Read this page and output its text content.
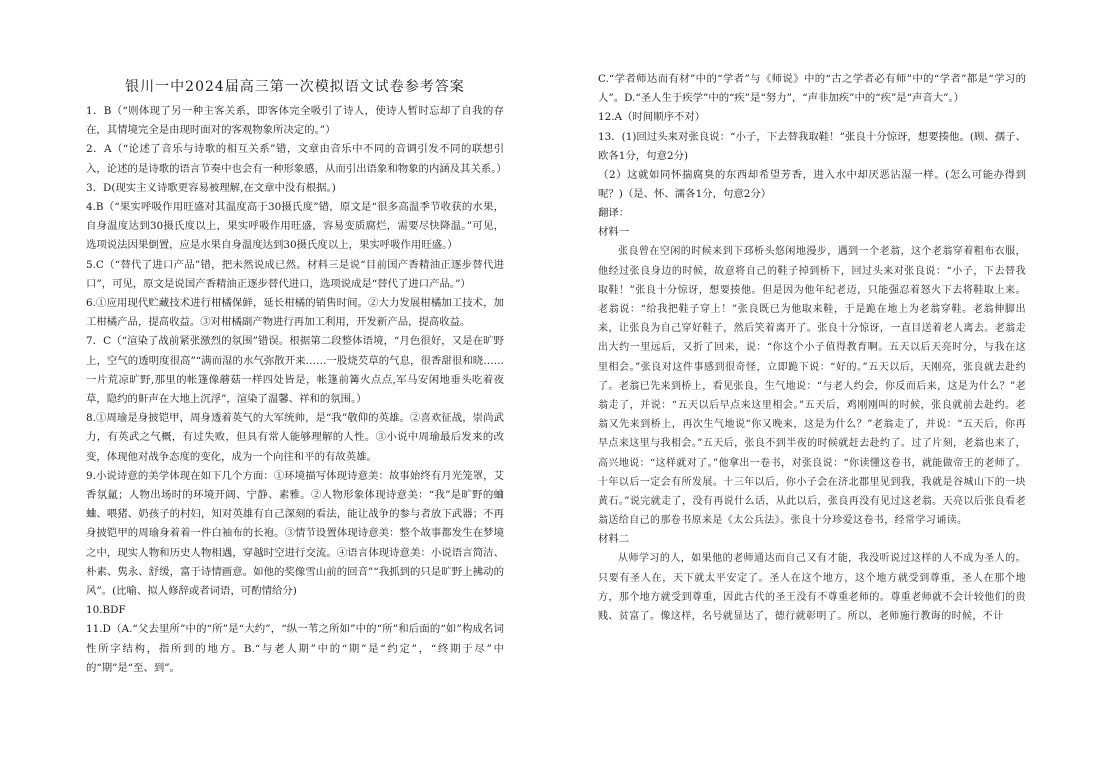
银川一中2024届高三第一次模拟语文试卷参考答案

1．B（“则体现了另一种主客关系，即客体完全吸引了诗人，使诗人暂时忘却了自我的存在，其情境完全是由现时面对的客观物象所决定的。”）

2．A（“论述了音乐与诗歌的相互关系”错，文章由音乐中不同的音调引发不同的联想引入，论述的是诗歌的语言节奏中也会有一种形象感，从而引出语象和物象的内涵及其关系。）

3．D(现实主义诗歌更容易被理解,在文章中没有根据。)

4.B（“果实呼吸作用旺盛对其温度高于30摄氏度”错，原文是“很多高温季节收获的水果，自身温度达到30摄氏度以上，果实呼吸作用旺盛，容易变质腐烂，需要尽快降温。”可见，选项说法因果倒置，应是水果自身温度达到30摄氏度以上，果实呼吸作用旺盛。）

5.C（“替代了进口产品”错，把未然说成已然。材料三是说“目前国产香精油正逐步替代进口”，可见，原文是说国产香精油正逐步替代进口，选项说成是“替代了进口产品。”）

6.①应用现代贮藏技术进行柑橘保鲜，延长柑橘的销售时间。②大力发展柑橘加工技术，加工柑橘产品，提高收益。③对柑橘副产物进行再加工利用，开发新产品，提高收益。

7．C（“渲染了战前紧张激烈的氛围”错误。根据第二段整体语境，“月色很好，又是在旷野上，空气的透明度很高”“满而湿的水气弥散开来……一股烧芡草的气息，很香甜很和晓……一片荒凉旷野,那里的帐篷像蘑菇一样四处皆是，帐篷前篝火点点,军马安闲地垂头吃着夜草，隐约的鼾声在大地上沉浮”，渲染了温馨、祥和的氛围。）

8.①周瑜是身披铠甲，周身透着英气的大军统帅，是“我”敬仰的英雄。②喜欢征战，崇尚武力，有英武之气概，有过失败，但具有常人能够理解的人性。③小说中周瑜最后发来的改变，体现他对战争态度的变化，成为一个向往和平的有故英雄。

9.小说诗意的美学体现在如下几个方面：①环境描写体现诗意美：故事始终有月光笼罩，艾香氛氲；人物出场时的环境开阔、宁静、素雅。②人物形象体现诗意美：“我”是旷野的蛐蛐、喂猪、奶孩子的村妇，知对英雄有自己深刻的看法，能让战争的参与者放下武器；不再身披铠甲的周瑜身着着一件白袖布的长袍。③情节设置体现诗意美：整个故事都发生在梦境之中，现实人物和历史人物相遇，穿越时空进行交流。④语言体现诗意美：小说语言简洁、朴素、隽永、舒缓，富于诗情画意。如他的奖像雪山前的回音”“我抓到的只是旷野上拂动的风”。(比喻、拟人修辞或者词语，可酌情给分)

10.BDF

11.D（A.“父去里所”中的“所”是“大约”，“纵一苇之所如”中的“所”和后面的“如”构成名词性所字结构，指所到的地方。B.“与老人期”中的“期”是“约定”，“终期于尽”中的“期”是“至、到”。

C.“学者师达而有材”中的“学者”与《师说》中的“古之学者必有师”中的“学者”都是“学习的人”。D.“圣人生于疾学”中的“疾”是“努力”，“声非加疾”中的“疾”是“声音大”。）

12.A（时间顺序不对）

13．(1)回过头来对张良说：“小子，下去替我取鞋！”张良十分惊讶，想要揍他。(顾、孺子、欧各1分，句意2分)

（2）这就如同怀揣腐臭的东西却希望芳香，进入水中却厌恶沾湿一样。(怎么可能办得到呢？)（是、怀、濡各1分，句意2分）

翻译：

材料一

张良曾在空闲的时候来到下邳桥头悠闲地漫步，遇到一个老翁，这个老翁穿着粗布衣服，他经过张良身边的时候，故意将自己的鞋子掉到桥下，回过头来对张良说：“小子，下去替我取鞋！”张良十分惊讶，想要揍他。但是因为他年纪老迈，只能强忍着怒火下去将鞋取上来。老翁说：“给我把鞋子穿上！”张良既已为他取来鞋，于是跪在地上为老翁穿鞋。老翁伸脚出来，让张良为自己穿好鞋子，然后笑着离开了。张良十分惊讶，一直目送着老人离去。老翁走出大约一里远后，又折了回来，说：“你这个小子值得教育啊。五天以后天亮时分，与我在这里相会。”张良对这件事感到很奇怪，立即跪下说：“好的。”五天以后，天刚亮，张良就去赴约了。老翁已先来到桥上，看见张良，生气地说：“与老人约会，你反而后来，这是为什么？”老翁走了，并说：“五天以后早点来这里相会。”五天后，鸡刚刚叫的时候，张良就前去赴约。老翁又先来到桥上，再次生气地说“你又晚来，这是为什么？”老翁走了，并说：“五天后，你再早点来这里与我相会。”五天后，张良不到半夜的时候就赶去赴约了。过了片刻，老翁也来了，高兴地说：“这样就对了。”他拿出一卷书，对张良说：“你读懂这卷书，就能做帝王的老师了。十年以后一定会有所发展。十三年以后，你小子会在济北郡里见到我，我就是谷城山下的一块黄石。”说完就走了，没有再说什么话，从此以后，张良再没有见过这老翁。天亮以后张良看老翁送给自己的那卷书原来是《太公兵法》。张良十分珍爱这卷书，经常学习诵读。

材料二

从师学习的人，如果他的老师通达而自己又有才能，我没听说过这样的人不成为圣人的。只要有圣人在，天下就太平安定了。圣人在这个地方，这个地方就受到尊重，圣人在那个地方，那个地方就受到尊重，因此古代的圣王没有不尊重老师的。尊重老师就不会计较他们的贵贱、贫富了。像这样，名号就显达了，德行就彰明了。所以，老师施行教诲的时候，不计
